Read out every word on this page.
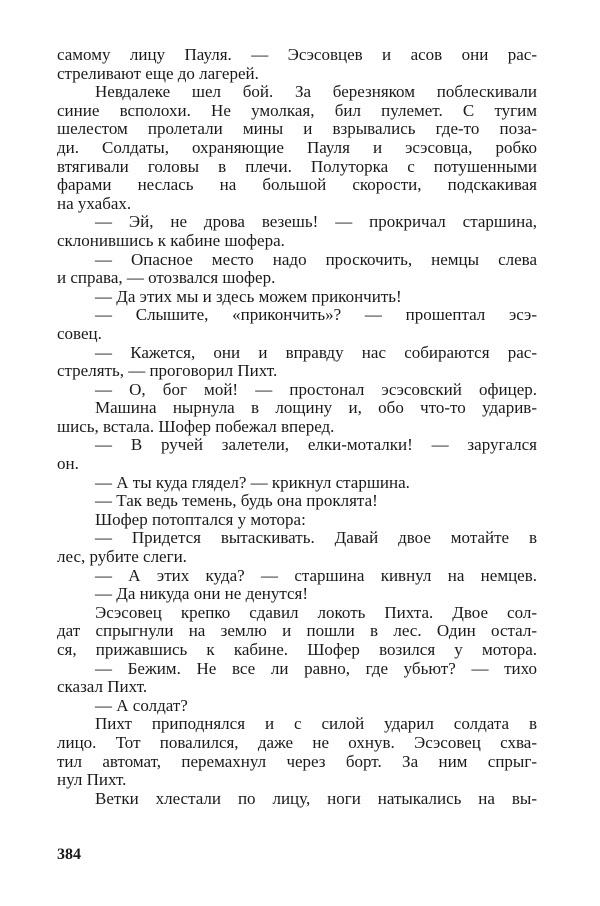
самому лицу Пауля. — Эсэсовцев и асов они рас-
стреливают еще до лагерей.
Невдалеке шел бой. За березняком поблескивали
синие всполохи. Не умолкая, бил пулемет. С тугим
шелестом пролетали мины и взрывались где-то поза-
ди. Солдаты, охраняющие Пауля и эсэсовца, робко
втягивали головы в плечи. Полуторка с потушенными
фарами неслась на большой скорости, подскакивая
на ухабах.
— Эй, не дрова везешь! — прокричал старшина,
склонившись к кабине шофера.
— Опасное место надо проскочить, немцы слева
и справа, — отозвался шофер.
— Да этих мы и здесь можем прикончить!
— Слышите, «прикончить»? — прошептал эсэ-
совец.
— Кажется, они и вправду нас собираются рас-
стрелять, — проговорил Пихт.
— О, бог мой! — простонал эсэсовский офицер.
Машина нырнула в лощину и, обо что-то ударив-
шись, встала. Шофер побежал вперед.
— В ручей залетели, елки-моталки! — заругался
он.
— А ты куда глядел? — крикнул старшина.
— Так ведь темень, будь она проклята!
Шофер потоптался у мотора:
— Придется вытаскивать. Давай двое мотайте в
лес, рубите слеги.
— А этих куда? — старшина кивнул на немцев.
— Да никуда они не денутся!
Эсэсовец крепко сдавил локоть Пихта. Двое сол-
дат спрыгнули на землю и пошли в лес. Один остал-
ся, прижавшись к кабине. Шофер возился у мотора.
— Бежим. Не все ли равно, где убьют? — тихо
сказал Пихт.
— А солдат?
Пихт приподнялся и с силой ударил солдата в
лицо. Тот повалился, даже не охнув. Эсэсовец схва-
тил автомат, перемахнул через борт. За ним спрыг-
нул Пихт.
Ветки хлестали по лицу, ноги натыкались на вы-
384
